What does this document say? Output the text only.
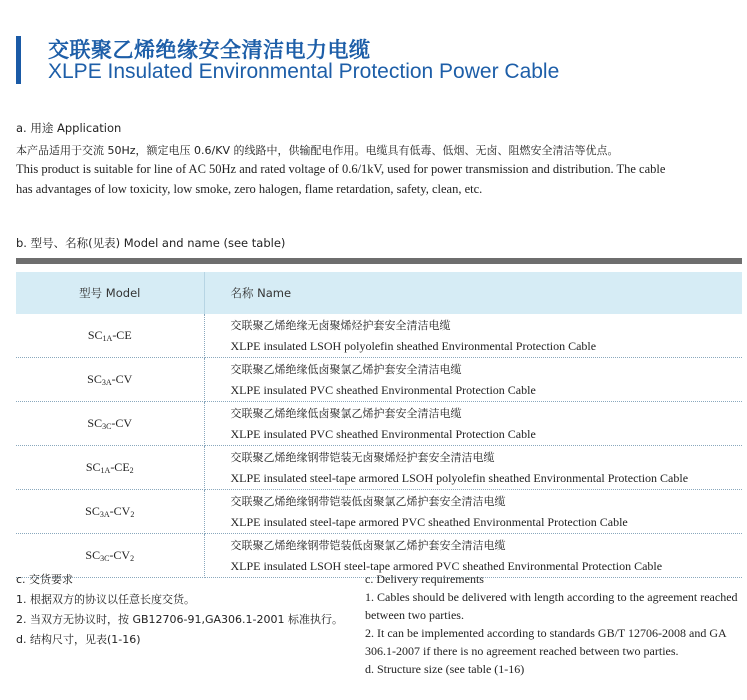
交联聚乙烯绝缘安全清洁电力电缆
XLPE Insulated Environmental Protection Power Cable
a. 用途 Application
本产品适用于交流 50Hz，额定电压 0.6/KV 的线路中，供输配电作用。电缆具有低毒、低烟、无卤、阻燃安全清洁等优点。
This product is suitable for line of AC 50Hz and rated voltage of 0.6/1kV, used for power transmission and distribution. The cable
has advantages of low toxicity, low smoke, zero halogen, flame retardation, safety, clean, etc.
b. 型号、名称(见表) Model and name (see table)
型号 Model	名称 Name
$SC_{1A}-CE$	交联聚乙烯绝缘无卤聚烯烃护套安全清洁电缆
XLPE insulated LSOH polyolefin sheathed Environmental Protection Cable

$SC_{3A}-CV$	交联聚乙烯绝缘低卤聚氯乙烯护套安全清洁电缆
XLPE insulated PVC sheathed Environmental Protection Cable

$SC_{3C}-CV$	交联聚乙烯绝缘低卤聚氯乙烯护套安全清洁电缆
XLPE insulated PVC sheathed Environmental Protection Cable

$SC_{1A}-CE_2$	交联聚乙烯绝缘钢带铠装无卤聚烯烃护套安全清洁电缆
XLPE insulated steel-tape armored LSOH polyolefin sheathed Environmental Protection Cable

$SC_{3A}-CV_2$	交联聚乙烯绝缘钢带铠装低卤聚氯乙烯护套安全清洁电缆
XLPE insulated steel-tape armored PVC sheathed Environmental Protection Cable

$SC_{3C}-CV_2$	交联聚乙烯绝缘钢带铠装低卤聚氯乙烯护套安全清洁电缆
XLPE insulated LSOH steel-tape armored PVC sheathed Environmental Protection Cable
c. 交货要求
1. 根据双方的协议以任意长度交货。
2. 当双方无协议时，按 GB12706-91,GA306.1-2001 标准执行。
d. 结构尺寸，见表(1-16)
c. Delivery requirements
1. Cables should be delivered with length according to the agreement reached between two parties.
2. It can be implemented according to standards GB/T 12706-2008 and GA 306.1-2007 if there is no agreement reached between two parties.
d. Structure size (see table (1-16)
